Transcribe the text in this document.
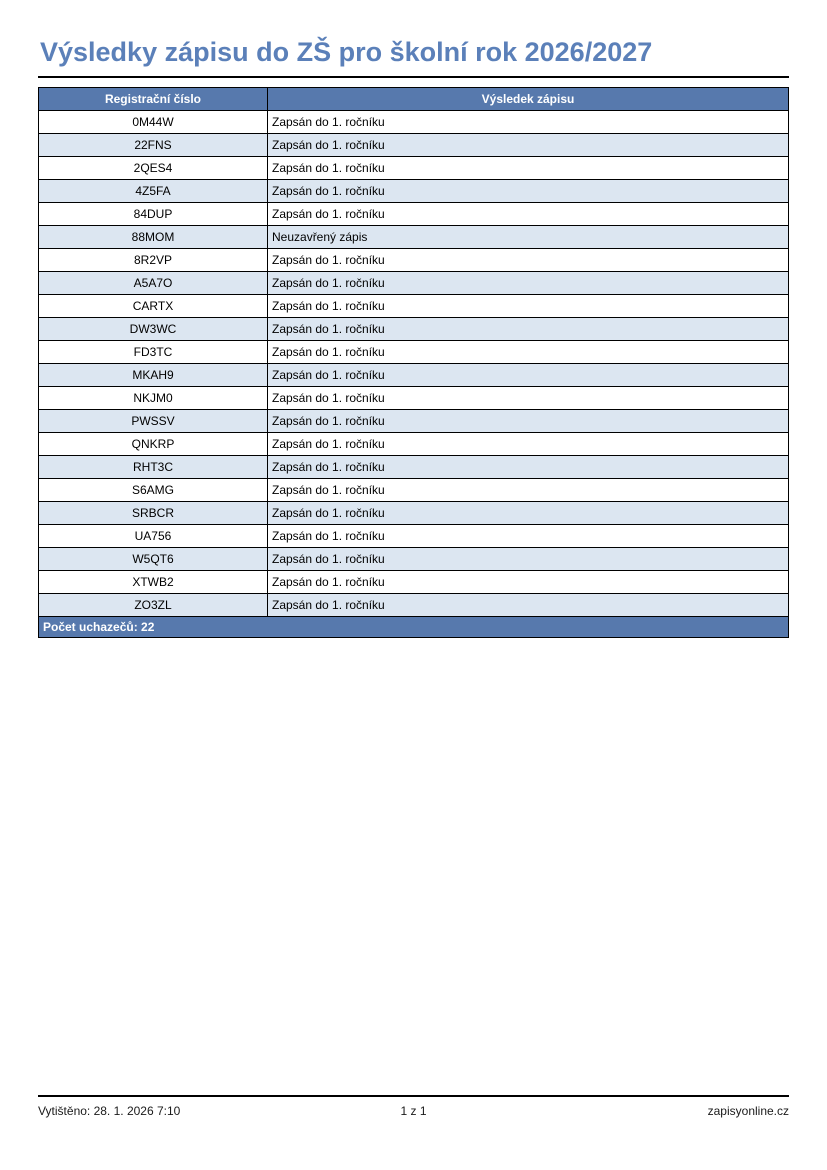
Výsledky zápisu do ZŠ pro školní rok 2026/2027
Registrační číslo	Výsledek zápisu
0M44W	Zapsán do 1. ročníku
22FNS	Zapsán do 1. ročníku
2QES4	Zapsán do 1. ročníku
4Z5FA	Zapsán do 1. ročníku
84DUP	Zapsán do 1. ročníku
88MOM	Neuzavřený zápis
8R2VP	Zapsán do 1. ročníku
A5A7O	Zapsán do 1. ročníku
CARTX	Zapsán do 1. ročníku
DW3WC	Zapsán do 1. ročníku
FD3TC	Zapsán do 1. ročníku
MKAH9	Zapsán do 1. ročníku
NKJM0	Zapsán do 1. ročníku
PWSSV	Zapsán do 1. ročníku
QNKRP	Zapsán do 1. ročníku
RHT3C	Zapsán do 1. ročníku
S6AMG	Zapsán do 1. ročníku
SRBCR	Zapsán do 1. ročníku
UA756	Zapsán do 1. ročníku
W5QT6	Zapsán do 1. ročníku
XTWB2	Zapsán do 1. ročníku
ZO3ZL	Zapsán do 1. ročníku
Počet uchazečů: 22	
Vytištěno: 28. 1. 2026 7:10	1 z 1	zapisyonline.cz
